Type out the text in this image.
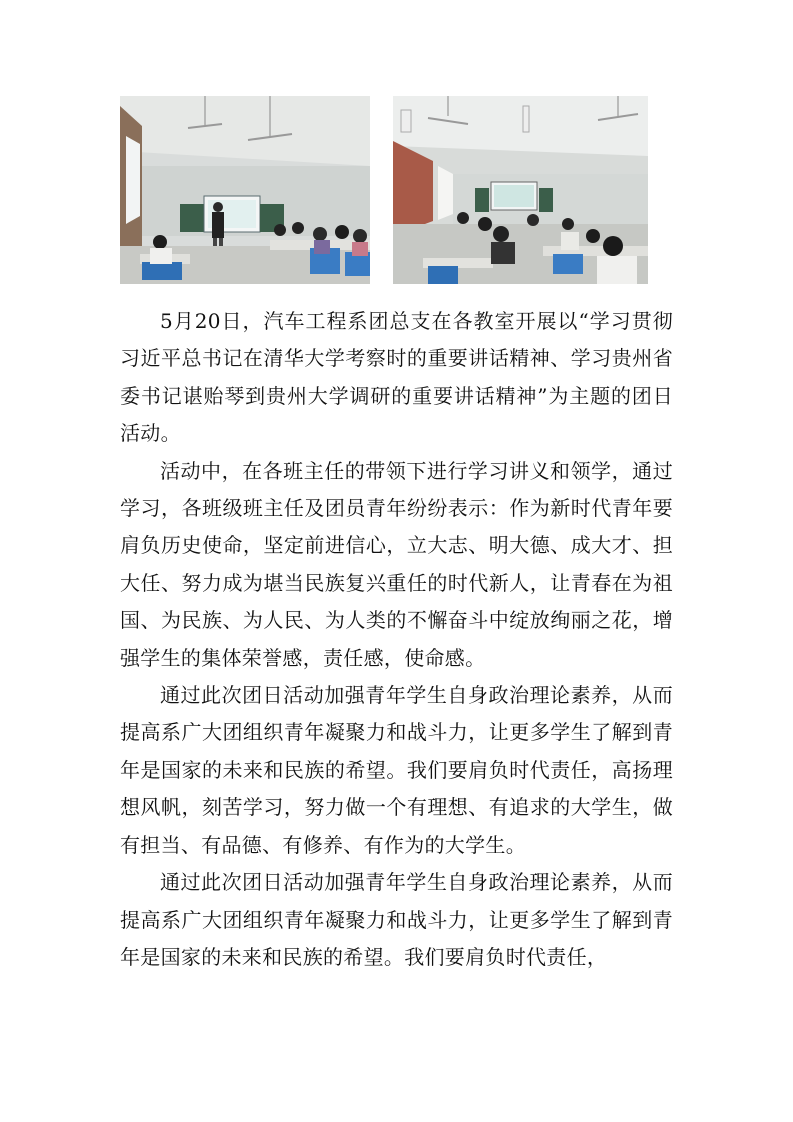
5月20日，汽车工程系团总支在各教室开展以“学习贯彻习近平总书记在清华大学考察时的重要讲话精神、学习贵州省委书记谌贻琴到贵州大学调研的重要讲话精神”为主题的团日活动。

活动中，在各班主任的带领下进行学习讲义和领学，通过学习，各班级班主任及团员青年纷纷表示：作为新时代青年要肩负历史使命，坚定前进信心，立大志、明大德、成大才、担大任、努力成为堪当民族复兴重任的时代新人，让青春在为祖国、为民族、为人民、为人类的不懈奋斗中绽放绚丽之花，增强学生的集体荣誉感，责任感，使命感。

通过此次团日活动加强青年学生自身政治理论素养，从而提高系广大团组织青年凝聚力和战斗力，让更多学生了解到青年是国家的未来和民族的希望。我们要肩负时代责任，高扬理想风帆，刻苦学习，努力做一个有理想、有追求的大学生，做有担当、有品德、有修养、有作为的大学生。

通过此次团日活动加强青年学生自身政治理论素养，从而提高系广大团组织青年凝聚力和战斗力，让更多学生了解到青年是国家的未来和民族的希望。我们要肩负时代责任，
